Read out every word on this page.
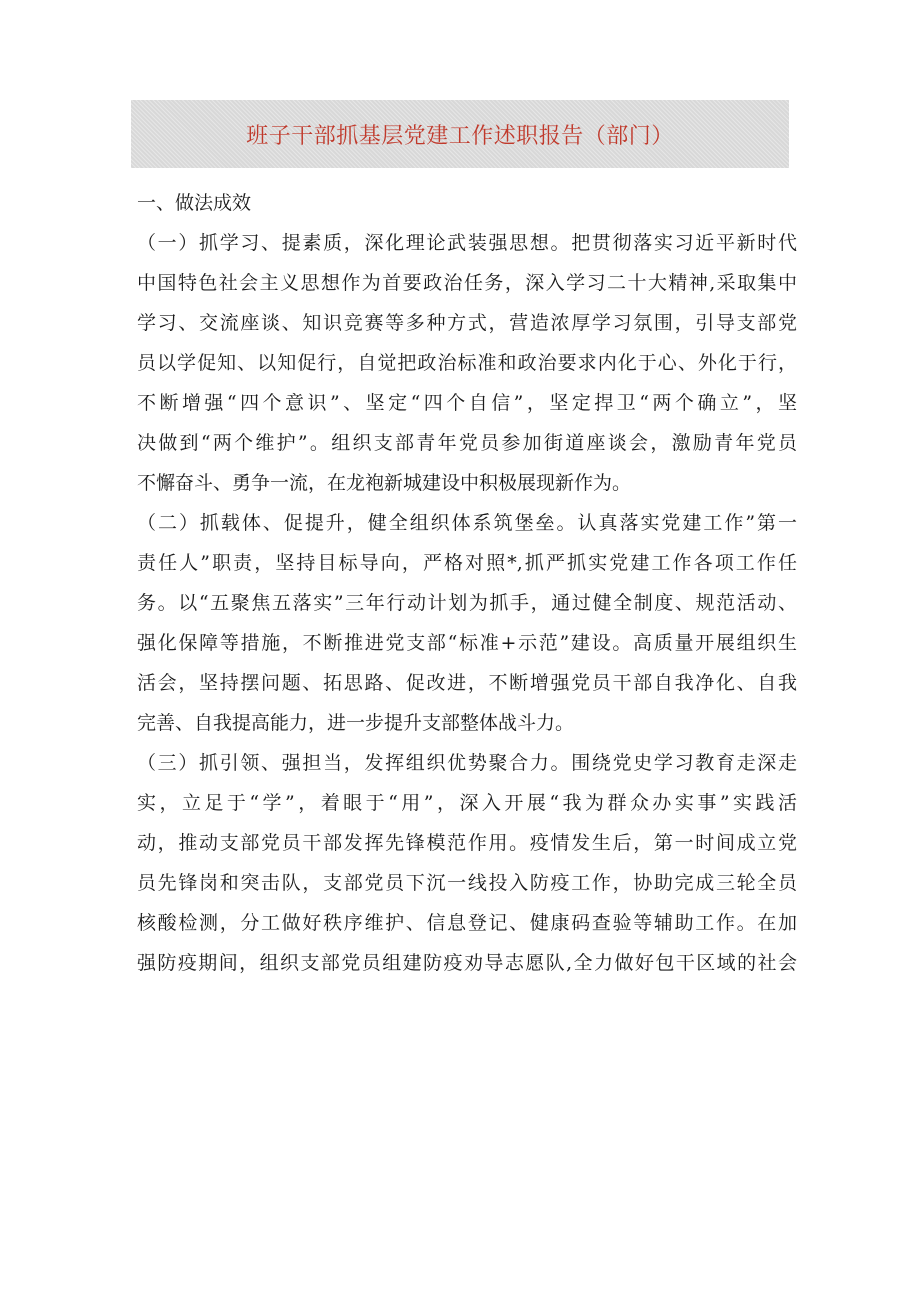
班子干部抓基层党建工作述职报告（部门）
一、做法成效
（一）抓学习、提素质，深化理论武装强思想。把贯彻落实习近平新时代
中国特色社会主义思想作为首要政治任务，深入学习二十大精神,采取集中
学习、交流座谈、知识竞赛等多种方式，营造浓厚学习氛围，引导支部党
员以学促知、以知促行，自觉把政治标准和政治要求内化于心、外化于行，
不断增强“四个意识”、坚定“四个自信”，坚定捍卫“两个确立”，坚
决做到“两个维护”。组织支部青年党员参加街道座谈会，激励青年党员
不懈奋斗、勇争一流，在龙袍新城建设中积极展现新作为。
（二）抓载体、促提升，健全组织体系筑堡垒。认真落实党建工作”第一
责任人”职责，坚持目标导向，严格对照*,抓严抓实党建工作各项工作任
务。以“五聚焦五落实”三年行动计划为抓手，通过健全制度、规范活动、
强化保障等措施，不断推进党支部“标准+示范”建设。高质量开展组织生
活会，坚持摆问题、拓思路、促改进，不断增强党员干部自我净化、自我
完善、自我提高能力，进一步提升支部整体战斗力。
（三）抓引领、强担当，发挥组织优势聚合力。围绕党史学习教育走深走
实，立足于“学”，着眼于“用”，深入开展“我为群众办实事”实践活
动，推动支部党员干部发挥先锋模范作用。疫情发生后，第一时间成立党
员先锋岗和突击队，支部党员下沉一线投入防疫工作，协助完成三轮全员
核酸检测，分工做好秩序维护、信息登记、健康码查验等辅助工作。在加
强防疫期间，组织支部党员组建防疫劝导志愿队,全力做好包干区域的社会
